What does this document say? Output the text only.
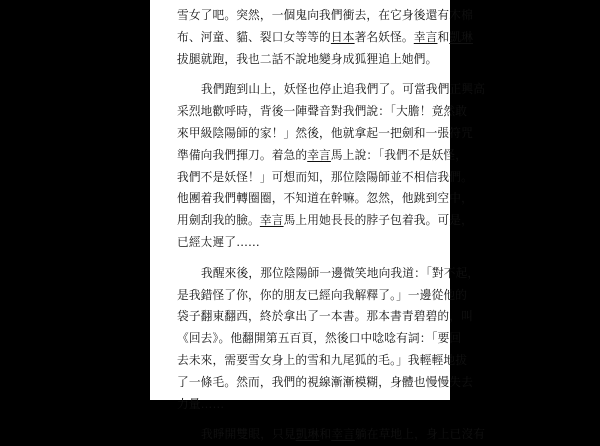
雪女了吧。突然，一個鬼向我們衝去，在它身後還有木棉
布、河童、貓、裂口女等等的日本著名妖怪。幸言和凱琳
拔腿就跑，我也二話不說地變身成狐狸追上她們。
我們跑到山上，妖怪也停止追我們了。可當我們正興高
采烈地歡呼時，背後一陣聲音對我們說：「大膽！竟然敢
來甲級陰陽師的家！」然後，他就拿起一把劍和一張符咒
準備向我們揮刀。着急的幸言馬上說：「我們不是妖怪，
我們不是妖怪！」可想而知，那位陰陽師並不相信我們。
他團着我們轉圈圈，不知道在幹嘛。忽然，他跳到空中，
用劍刮我的臉。幸言馬上用她長長的脖子包着我。可是，
已經太遲了……
我醒來後，那位陰陽師一邊微笑地向我道：「對不起，
是我錯怪了你，你的朋友已經向我解釋了。」一邊從他的
袋子翻東翻西，終於拿出了一本書。那本書青碧碧的，叫
《回去》。他翻開第五百頁，然後口中唸唸有詞：「要回
去未來，需要雪女身上的雪和九尾狐的毛。」我輕輕地拔
了一條毛。然而，我們的視線漸漸模糊，身體也慢慢失去
力量……
我睜開雙眼，只見凱琳和幸言躺在草地上，身上已沒有
